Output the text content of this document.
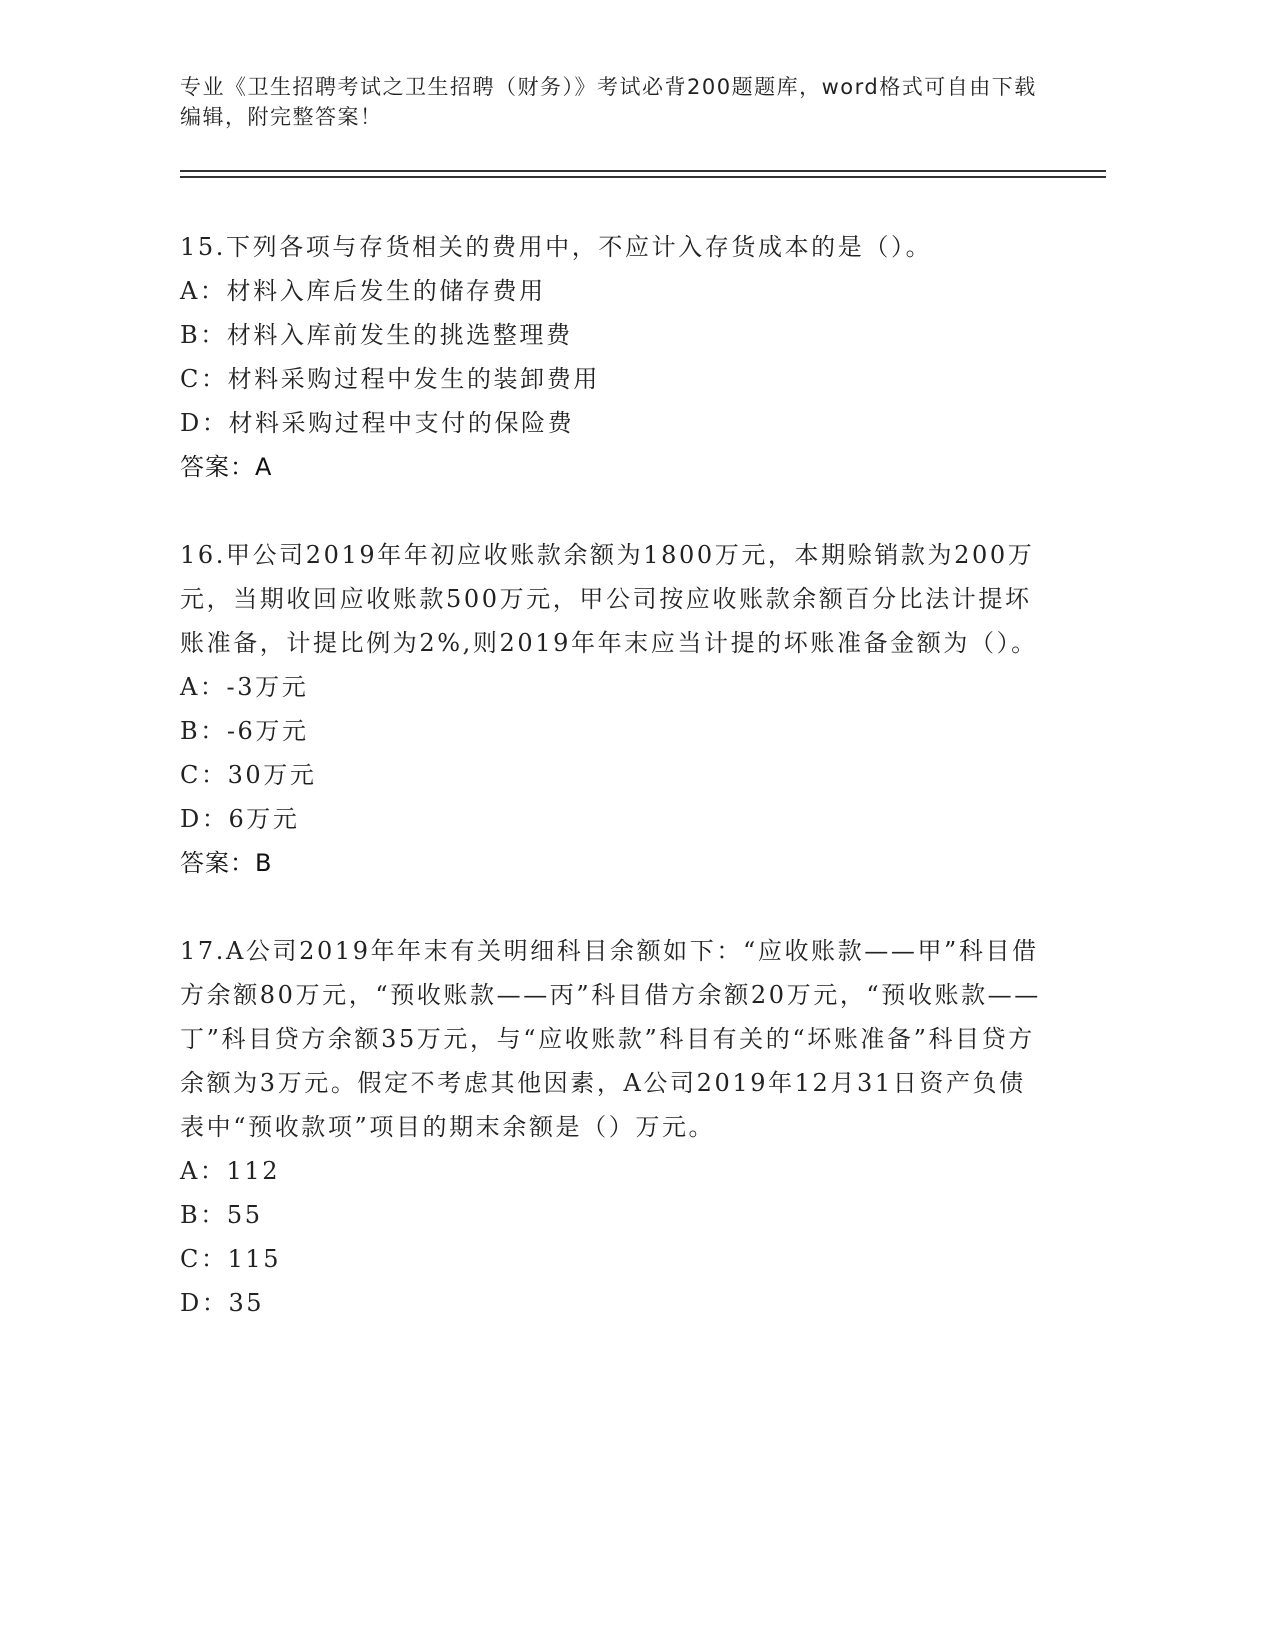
专业《卫生招聘考试之卫生招聘（财务）》考试必背200题题库，word格式可自由下载编辑，附完整答案！

15.下列各项与存货相关的费用中，不应计入存货成本的是（）。

A：材料入库后发生的储存费用

B：材料入库前发生的挑选整理费

C：材料采购过程中发生的装卸费用

D：材料采购过程中支付的保险费

答案：A

16.甲公司2019年年初应收账款余额为1800万元，本期赊销款为200万元，当期收回应收账款500万元，甲公司按应收账款余额百分比法计提坏账准备，计提比例为2%,则2019年年末应当计提的坏账准备金额为（）。

A：-3万元

B：-6万元

C：30万元

D：6万元

答案：B

17.A公司2019年年末有关明细科目余额如下：“应收账款——甲”科目借方余额80万元，“预收账款——丙”科目借方余额20万元，“预收账款——丁”科目贷方余额35万元，与“应收账款”科目有关的“坏账准备”科目贷方余额为3万元。假定不考虑其他因素，A公司2019年12月31日资产负债表中“预收款项”项目的期末余额是（）万元。

A：112

B：55

C：115

D：35
